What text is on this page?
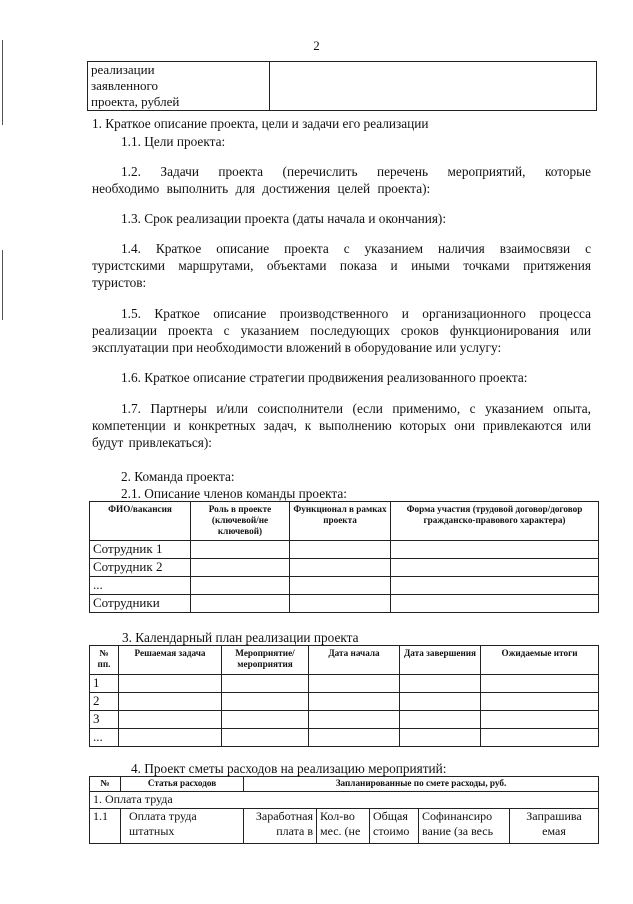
2
реализации заявленного
проекта, рублей

1. Краткое описание проекта, цели и задачи его реализации
1.1. Цели проекта:
1.2. Задачи проекта (перечислить перечень мероприятий, которые необходимо выполнить для достижения целей проекта):
1.3. Срок реализации проекта (даты начала и окончания):
1.4. Краткое описание проекта с указанием наличия взаимосвязи с туристскими маршрутами, объектами показа и иными точками притяжения туристов:
1.5. Краткое описание производственного и организационного процесса реализации проекта с указанием последующих сроков функционирования или эксплуатации при необходимости вложений в оборудование или услугу:
1.6. Краткое описание стратегии продвижения реализованного проекта:
1.7. Партнеры и/или соисполнители (если применимо, с указанием опыта, компетенции и конкретных задач, к выполнению которых они привлекаются или будут привлекаться):
2. Команда проекта:
2.1. Описание членов команды проекта:
ФИО/вакансия	Роль в проекте (ключевой/не ключевой)	Функционал в рамках проекта	Форма участия (трудовой договор/договор гражданско-правового характера)
Сотрудник 1			
Сотрудник 2			
...			
Сотрудники			
3. Календарный план реализации проекта
№ пп.	Решаемая задача	Мероприятие/ мероприятия	Дата начала	Дата завершения	Ожидаемые итоги
1					
2					
3					
...					
4. Проект сметы расходов на реализацию мероприятий:
№	Статья расходов	Запланированные по смете расходы, руб.				
1. Оплата труда						
1.1	Оплата труда штатных	Заработная плата в	Кол-во мес. (не	Общая стоимо	Софинансиро вание (за весь	Запрашива емая
